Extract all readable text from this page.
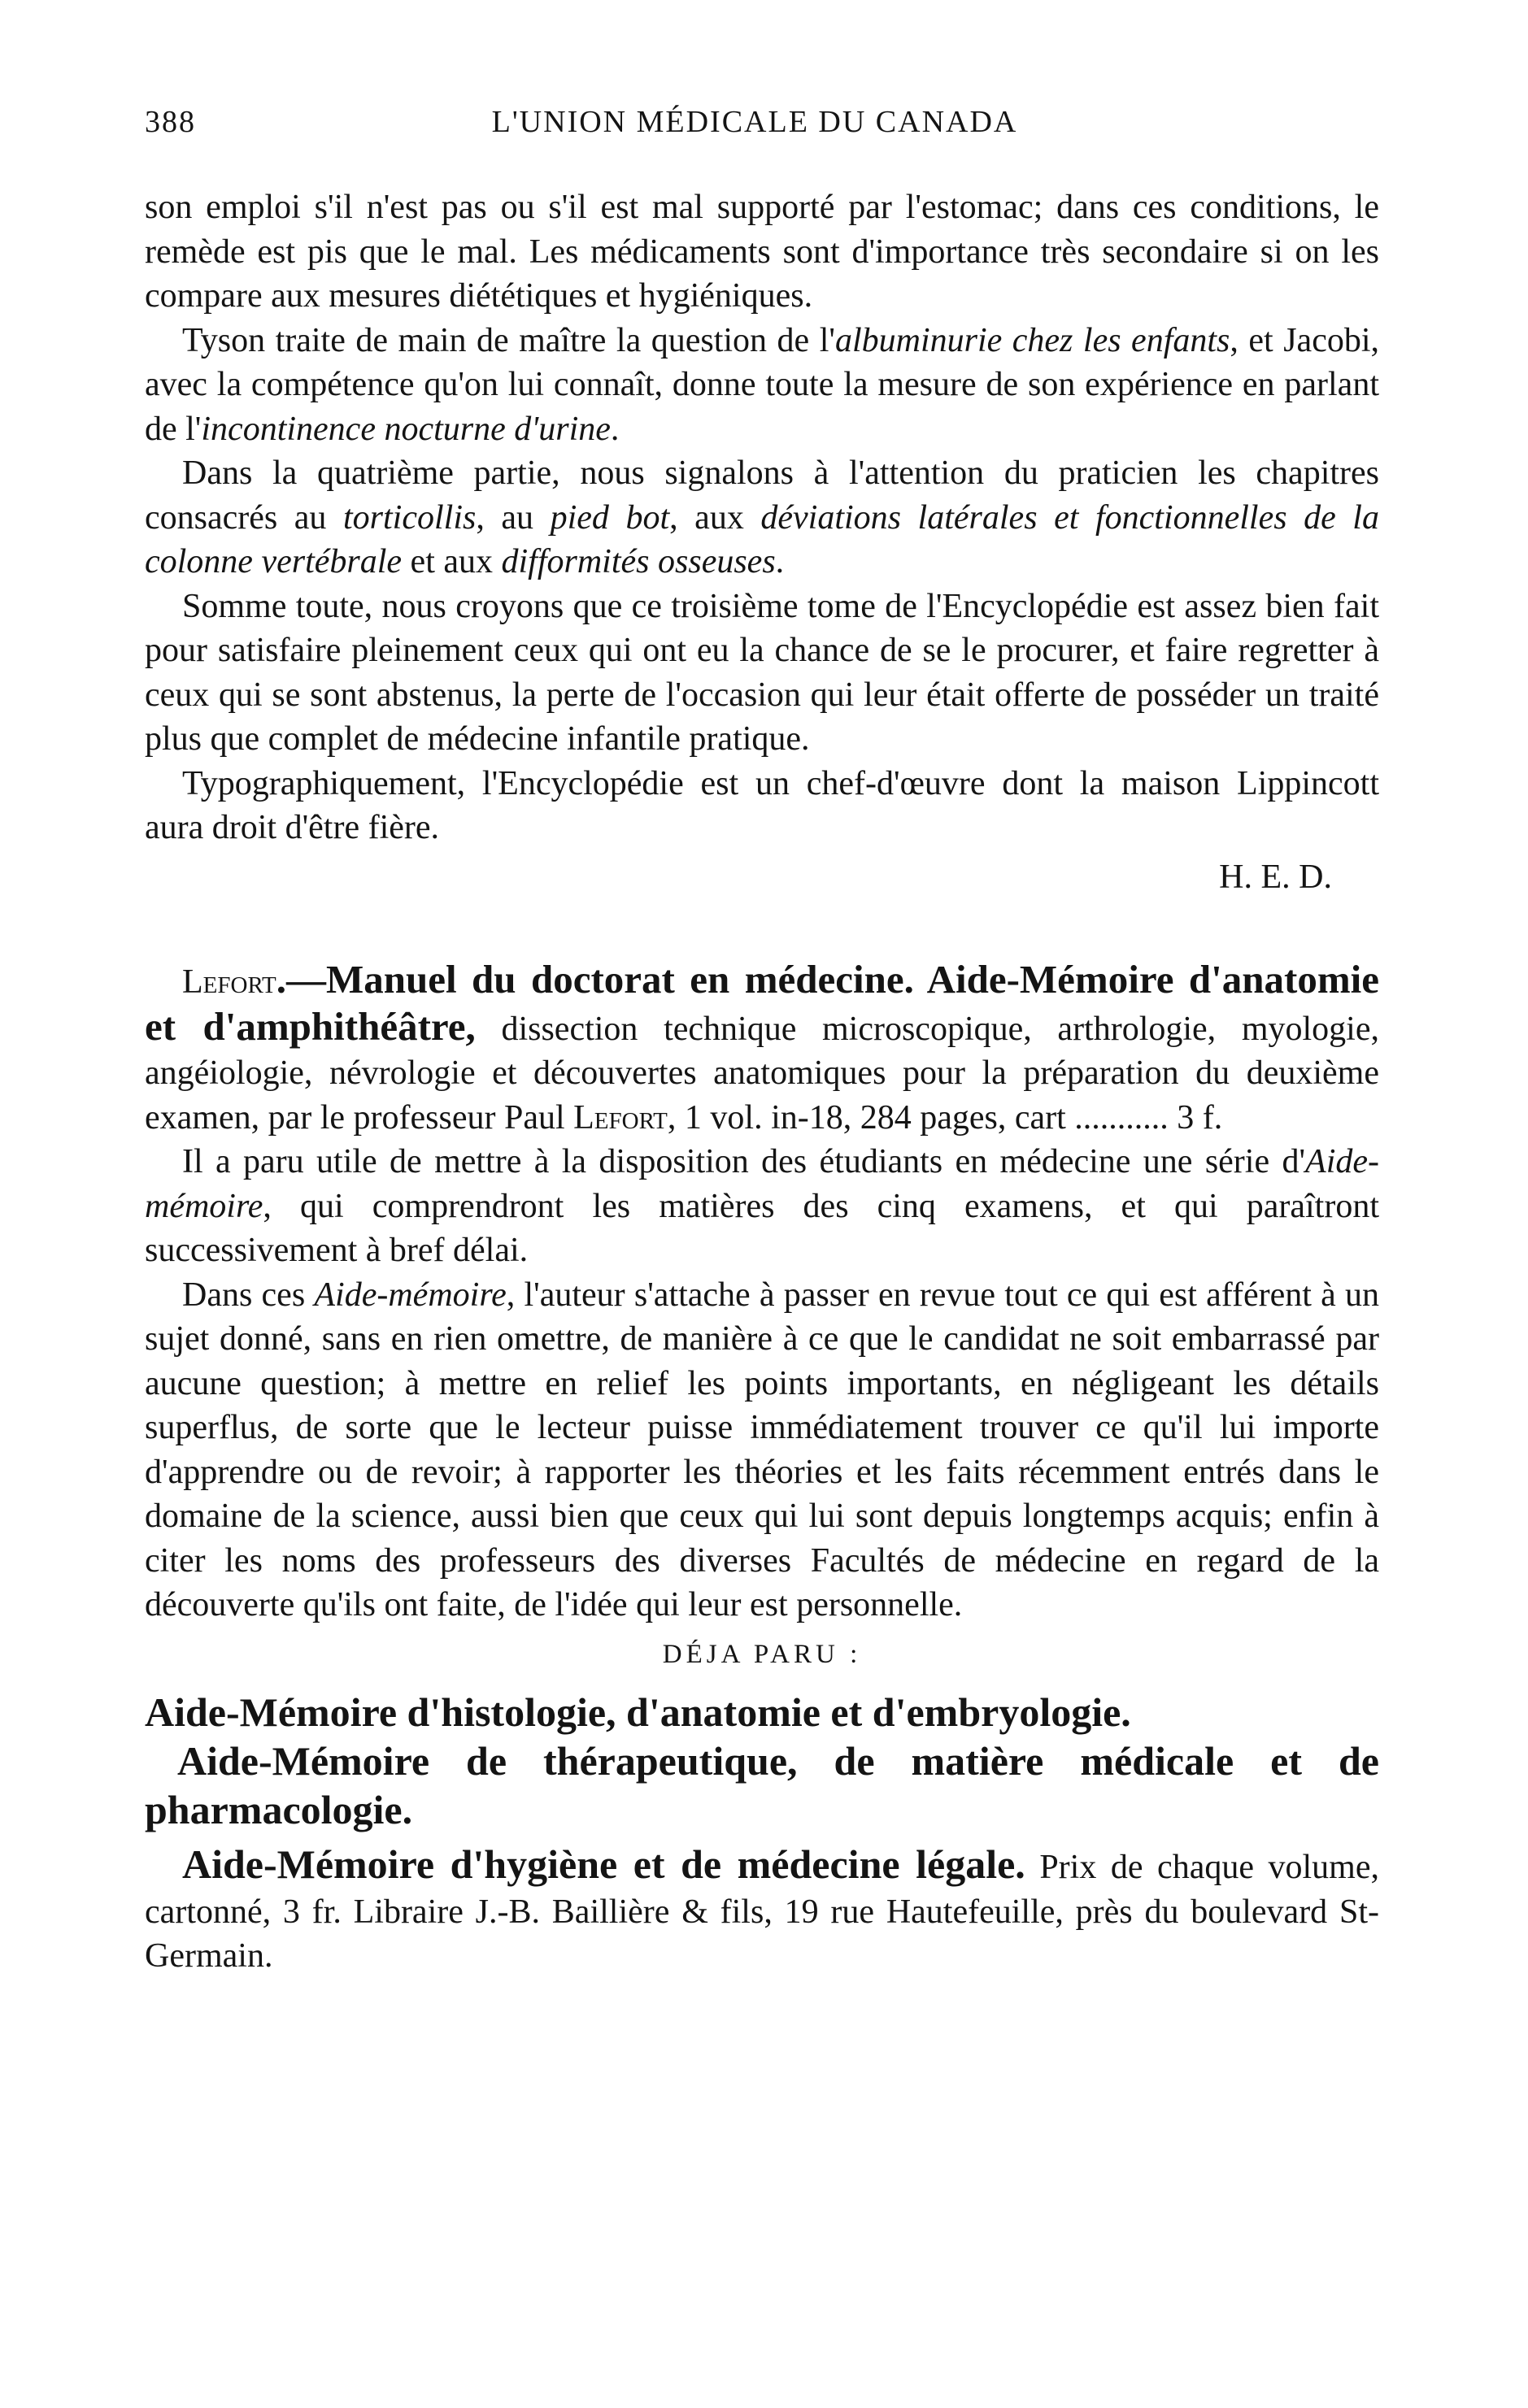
388	L'UNION MÉDICALE DU CANADA

son emploi s'il n'est pas ou s'il est mal supporté par l'estomac; dans ces conditions, le remède est pis que le mal. Les médicaments sont d'importance très secondaire si on les compare aux mesures diététiques et hygiéniques.

Tyson traite de main de maître la question de l'albuminurie chez les enfants, et Jacobi, avec la compétence qu'on lui connaît, donne toute la mesure de son expérience en parlant de l'incontinence nocturne d'urine.

Dans la quatrième partie, nous signalons à l'attention du praticien les chapitres consacrés au torticollis, au pied bot, aux déviations latérales et fonctionnelles de la colonne vertébrale et aux difformités osseuses.

Somme toute, nous croyons que ce troisième tome de l'Encyclopédie est assez bien fait pour satisfaire pleinement ceux qui ont eu la chance de se le procurer, et faire regretter à ceux qui se sont abstenus, la perte de l'occasion qui leur était offerte de posséder un traité plus que complet de médecine infantile pratique.

Typographiquement, l'Encyclopédie est un chef-d'œuvre dont la maison Lippincott aura droit d'être fière.

H. E. D.

Lefort.—Manuel du doctorat en médecine. Aide-Mémoire d'anatomie et d'amphithéâtre, dissection technique microscopique, arthrologie, myologie, angéiologie, névrologie et découvertes anatomiques pour la préparation du deuxième examen, par le professeur Paul Lefort, 1 vol. in-18, 284 pages, cart ........... 3 f.

Il a paru utile de mettre à la disposition des étudiants en médecine une série d'Aide-mémoire, qui comprendront les matières des cinq examens, et qui paraîtront successivement à bref délai.

Dans ces Aide-mémoire, l'auteur s'attache à passer en revue tout ce qui est afférent à un sujet donné, sans en rien omettre, de manière à ce que le candidat ne soit embarrassé par aucune question; à mettre en relief les points importants, en négligeant les détails superflus, de sorte que le lecteur puisse immédiatement trouver ce qu'il lui importe d'apprendre ou de revoir; à rapporter les théories et les faits récemment entrés dans le domaine de la science, aussi bien que ceux qui lui sont depuis longtemps acquis; enfin à citer les noms des professeurs des diverses Facultés de médecine en regard de la découverte qu'ils ont faite, de l'idée qui leur est personnelle.

DÉJA PARU :

Aide-Mémoire d'histologie, d'anatomie et d'embryologie.

Aide-Mémoire de thérapeutique, de matière médicale et de pharmacologie.

Aide-Mémoire d'hygiène et de médecine légale. Prix de chaque volume, cartonné, 3 fr. Libraire J.-B. Baillière & fils, 19 rue Hautefeuille, près du boulevard St-Germain.
